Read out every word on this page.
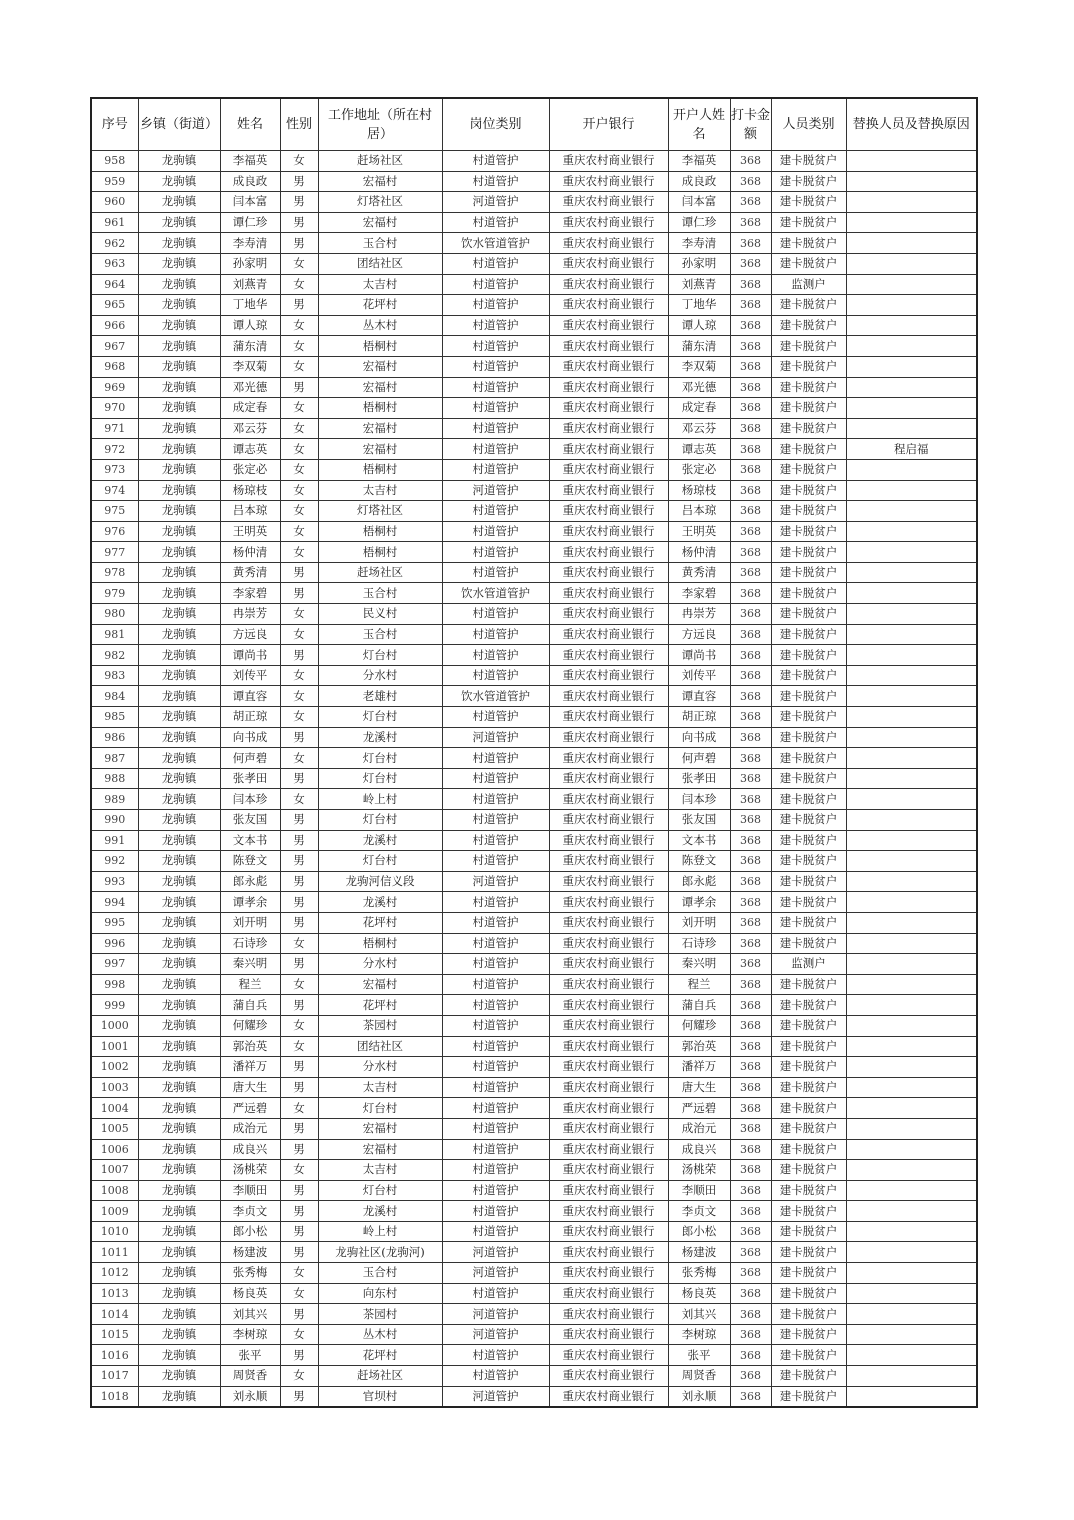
序号	乡镇（街道）	姓名	性别	工作地址（所在村居）	岗位类别	开户银行	开户人姓名	打卡金额	人员类别	替换人员及替换原因
958	龙驹镇	李福英	女	赶场社区	村道管护	重庆农村商业银行	李福英	368	建卡脱贫户	
959	龙驹镇	成良政	男	宏福村	村道管护	重庆农村商业银行	成良政	368	建卡脱贫户	
960	龙驹镇	闫本富	男	灯塔社区	河道管护	重庆农村商业银行	闫本富	368	建卡脱贫户	
961	龙驹镇	谭仁珍	男	宏福村	村道管护	重庆农村商业银行	谭仁珍	368	建卡脱贫户	
962	龙驹镇	李寿清	男	玉合村	饮水管道管护	重庆农村商业银行	李寿清	368	建卡脱贫户	
963	龙驹镇	孙家明	女	团结社区	村道管护	重庆农村商业银行	孙家明	368	建卡脱贫户	
964	龙驹镇	刘燕青	女	太吉村	村道管护	重庆农村商业银行	刘燕青	368	监测户	
965	龙驹镇	丁地华	男	花坪村	村道管护	重庆农村商业银行	丁地华	368	建卡脱贫户	
966	龙驹镇	谭人琼	女	丛木村	村道管护	重庆农村商业银行	谭人琼	368	建卡脱贫户	
967	龙驹镇	蒲东清	女	梧桐村	村道管护	重庆农村商业银行	蒲东清	368	建卡脱贫户	
968	龙驹镇	李双菊	女	宏福村	村道管护	重庆农村商业银行	李双菊	368	建卡脱贫户	
969	龙驹镇	邓光德	男	宏福村	村道管护	重庆农村商业银行	邓光德	368	建卡脱贫户	
970	龙驹镇	成定春	女	梧桐村	村道管护	重庆农村商业银行	成定春	368	建卡脱贫户	
971	龙驹镇	邓云芬	女	宏福村	村道管护	重庆农村商业银行	邓云芬	368	建卡脱贫户	
972	龙驹镇	谭志英	女	宏福村	村道管护	重庆农村商业银行	谭志英	368	建卡脱贫户	程启福
973	龙驹镇	张定必	女	梧桐村	村道管护	重庆农村商业银行	张定必	368	建卡脱贫户	
974	龙驹镇	杨琼枝	女	太吉村	河道管护	重庆农村商业银行	杨琼枝	368	建卡脱贫户	
975	龙驹镇	吕本琼	女	灯塔社区	村道管护	重庆农村商业银行	吕本琼	368	建卡脱贫户	
976	龙驹镇	王明英	女	梧桐村	村道管护	重庆农村商业银行	王明英	368	建卡脱贫户	
977	龙驹镇	杨仲清	女	梧桐村	村道管护	重庆农村商业银行	杨仲清	368	建卡脱贫户	
978	龙驹镇	黄秀清	男	赶场社区	村道管护	重庆农村商业银行	黄秀清	368	建卡脱贫户	
979	龙驹镇	李家碧	男	玉合村	饮水管道管护	重庆农村商业银行	李家碧	368	建卡脱贫户	
980	龙驹镇	冉崇芳	女	民义村	村道管护	重庆农村商业银行	冉崇芳	368	建卡脱贫户	
981	龙驹镇	方远良	女	玉合村	村道管护	重庆农村商业银行	方远良	368	建卡脱贫户	
982	龙驹镇	谭尚书	男	灯台村	村道管护	重庆农村商业银行	谭尚书	368	建卡脱贫户	
983	龙驹镇	刘传平	女	分水村	村道管护	重庆农村商业银行	刘传平	368	建卡脱贫户	
984	龙驹镇	谭直容	女	老雄村	饮水管道管护	重庆农村商业银行	谭直容	368	建卡脱贫户	
985	龙驹镇	胡正琼	女	灯台村	村道管护	重庆农村商业银行	胡正琼	368	建卡脱贫户	
986	龙驹镇	向书成	男	龙溪村	河道管护	重庆农村商业银行	向书成	368	建卡脱贫户	
987	龙驹镇	何声碧	女	灯台村	村道管护	重庆农村商业银行	何声碧	368	建卡脱贫户	
988	龙驹镇	张孝田	男	灯台村	村道管护	重庆农村商业银行	张孝田	368	建卡脱贫户	
989	龙驹镇	闫本珍	女	岭上村	村道管护	重庆农村商业银行	闫本珍	368	建卡脱贫户	
990	龙驹镇	张友国	男	灯台村	村道管护	重庆农村商业银行	张友国	368	建卡脱贫户	
991	龙驹镇	文本书	男	龙溪村	村道管护	重庆农村商业银行	文本书	368	建卡脱贫户	
992	龙驹镇	陈登文	男	灯台村	村道管护	重庆农村商业银行	陈登文	368	建卡脱贫户	
993	龙驹镇	郎永彪	男	龙驹河信义段	河道管护	重庆农村商业银行	郎永彪	368	建卡脱贫户	
994	龙驹镇	谭孝余	男	龙溪村	村道管护	重庆农村商业银行	谭孝余	368	建卡脱贫户	
995	龙驹镇	刘开明	男	花坪村	村道管护	重庆农村商业银行	刘开明	368	建卡脱贫户	
996	龙驹镇	石诗珍	女	梧桐村	村道管护	重庆农村商业银行	石诗珍	368	建卡脱贫户	
997	龙驹镇	秦兴明	男	分水村	村道管护	重庆农村商业银行	秦兴明	368	监测户	
998	龙驹镇	程兰	女	宏福村	村道管护	重庆农村商业银行	程兰	368	建卡脱贫户	
999	龙驹镇	蒲自兵	男	花坪村	村道管护	重庆农村商业银行	蒲自兵	368	建卡脱贫户	
1000	龙驹镇	何耀珍	女	茶园村	村道管护	重庆农村商业银行	何耀珍	368	建卡脱贫户	
1001	龙驹镇	郭治英	女	团结社区	村道管护	重庆农村商业银行	郭治英	368	建卡脱贫户	
1002	龙驹镇	潘祥万	男	分水村	村道管护	重庆农村商业银行	潘祥万	368	建卡脱贫户	
1003	龙驹镇	唐大生	男	太吉村	村道管护	重庆农村商业银行	唐大生	368	建卡脱贫户	
1004	龙驹镇	严远碧	女	灯台村	村道管护	重庆农村商业银行	严远碧	368	建卡脱贫户	
1005	龙驹镇	成治元	男	宏福村	村道管护	重庆农村商业银行	成治元	368	建卡脱贫户	
1006	龙驹镇	成良兴	男	宏福村	村道管护	重庆农村商业银行	成良兴	368	建卡脱贫户	
1007	龙驹镇	汤桃荣	女	太吉村	村道管护	重庆农村商业银行	汤桃荣	368	建卡脱贫户	
1008	龙驹镇	李顺田	男	灯台村	村道管护	重庆农村商业银行	李顺田	368	建卡脱贫户	
1009	龙驹镇	李贞文	男	龙溪村	村道管护	重庆农村商业银行	李贞文	368	建卡脱贫户	
1010	龙驹镇	郎小松	男	岭上村	村道管护	重庆农村商业银行	郎小松	368	建卡脱贫户	
1011	龙驹镇	杨建波	男	龙驹社区(龙驹河)	河道管护	重庆农村商业银行	杨建波	368	建卡脱贫户	
1012	龙驹镇	张秀梅	女	玉合村	河道管护	重庆农村商业银行	张秀梅	368	建卡脱贫户	
1013	龙驹镇	杨良英	女	向东村	村道管护	重庆农村商业银行	杨良英	368	建卡脱贫户	
1014	龙驹镇	刘其兴	男	茶园村	河道管护	重庆农村商业银行	刘其兴	368	建卡脱贫户	
1015	龙驹镇	李树琼	女	丛木村	河道管护	重庆农村商业银行	李树琼	368	建卡脱贫户	
1016	龙驹镇	张平	男	花坪村	村道管护	重庆农村商业银行	张平	368	建卡脱贫户	
1017	龙驹镇	周贤香	女	赶场社区	村道管护	重庆农村商业银行	周贤香	368	建卡脱贫户	
1018	龙驹镇	刘永顺	男	官坝村	河道管护	重庆农村商业银行	刘永顺	368	建卡脱贫户	
